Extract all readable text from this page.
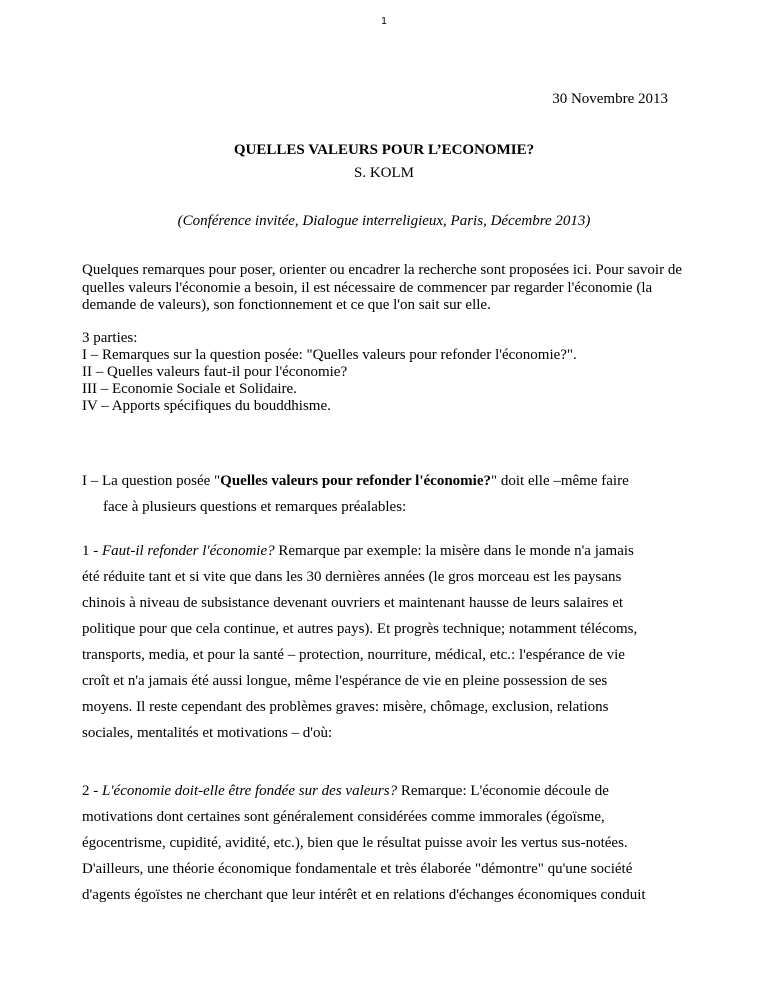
1
30 Novembre 2013
QUELLES VALEURS POUR L’ECONOMIE?
S. KOLM
(Conférence invitée, Dialogue interreligieux, Paris, Décembre 2013)
Quelques remarques pour poser, orienter ou encadrer la recherche sont proposées ici. Pour savoir de quelles valeurs l'économie a besoin, il est nécessaire de commencer par regarder l'économie (la demande de valeurs), son fonctionnement et ce que l'on sait sur elle.
3 parties:
I – Remarques sur la question posée: "Quelles valeurs pour refonder l'économie?".
II – Quelles valeurs faut-il pour l'économie?
III – Economie Sociale et Solidaire.
IV – Apports spécifiques du bouddhisme.
I – La question posée "Quelles valeurs pour refonder l'économie?" doit elle –même faire
face à plusieurs questions et remarques préalables:
1 - Faut-il refonder l'économie? Remarque par exemple: la misère dans le monde n'a jamais
été réduite tant et si vite que dans les 30 dernières années (le gros morceau est les paysans
chinois à niveau de subsistance devenant ouvriers et maintenant hausse de leurs salaires et
politique pour que cela continue, et autres pays). Et progrès technique; notamment télécoms,
transports, media, et pour la santé – protection, nourriture, médical, etc.: l'espérance de vie
croît et n'a jamais été aussi longue, même l'espérance de vie en pleine possession de ses
moyens. Il reste cependant des problèmes graves: misère, chômage, exclusion, relations
sociales, mentalités et motivations – d'où:
2 - L'économie doit-elle être fondée sur des valeurs? Remarque: L'économie découle de
motivations dont certaines sont généralement considérées comme immorales (égoïsme,
égocentrisme, cupidité, avidité, etc.), bien que le résultat puisse avoir les vertus sus-notées.
D'ailleurs, une théorie économique fondamentale et très élaborée "démontre" qu'une société
d'agents égoïstes ne cherchant que leur intérêt et en relations d'échanges économiques conduit
